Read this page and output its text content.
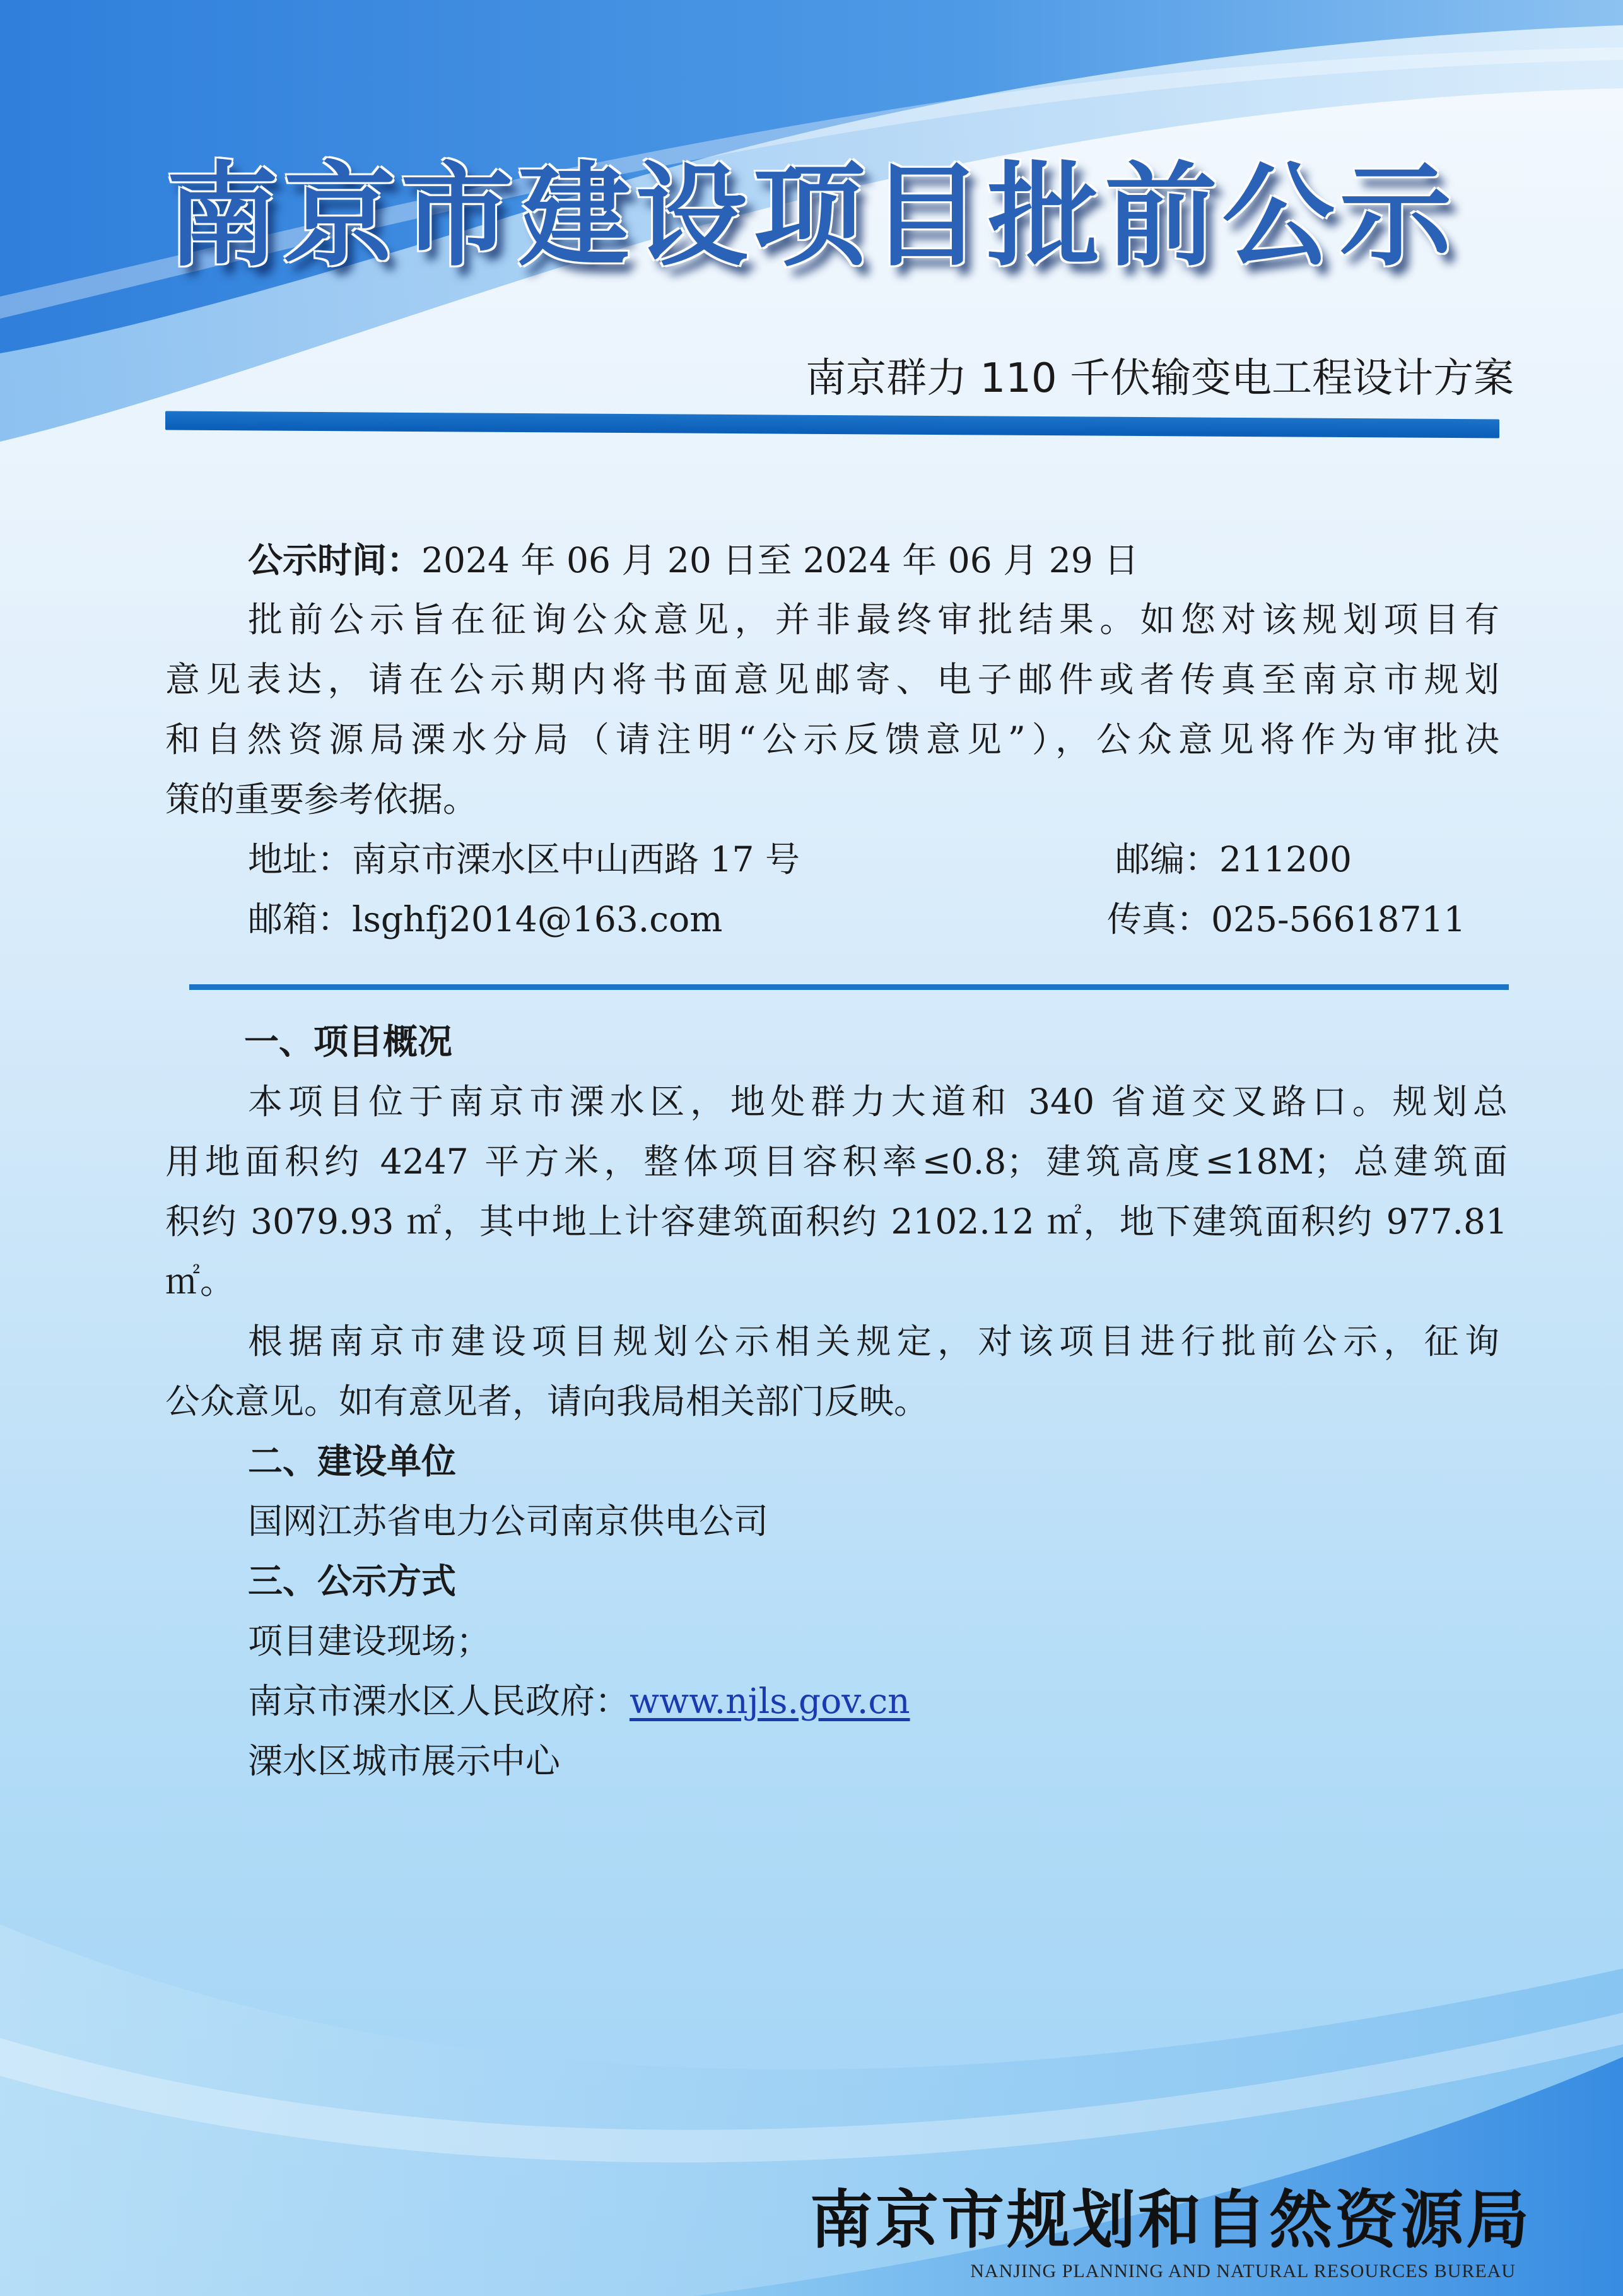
南京市建设项目批前公示

南京群力 110 千伏输变电工程设计方案

公示时间：2024 年 06 月 20 日至 2024 年 06 月 29 日

批前公示旨在征询公众意见，并非最终审批结果。如您对该规划项目有

意见表达，请在公示期内将书面意见邮寄、电子邮件或者传真至南京市规划

和自然资源局溧水分局（请注明“公示反馈意见”），公众意见将作为审批决

策的重要参考依据。

地址：南京市溧水区中山西路 17 号	邮编：211200

邮箱：lsghfj2014@163.com	传真：025-56618711

一、项目概况

本项目位于南京市溧水区，地处群力大道和 340 省道交叉路口。规划总

用地面积约 4247 平方米，整体项目容积率≤0.8；建筑高度≤18M；总建筑面

积约 3079.93 ㎡，其中地上计容建筑面积约 2102.12 ㎡，地下建筑面积约 977.81

㎡。

根据南京市建设项目规划公示相关规定，对该项目进行批前公示，征询

公众意见。如有意见者，请向我局相关部门反映。

二、建设单位

国网江苏省电力公司南京供电公司

三、公示方式

项目建设现场；

南京市溧水区人民政府：www.njls.gov.cn

溧水区城市展示中心

南京市规划和自然资源局

NANJING PLANNING AND NATURAL RESOURCES BUREAU
